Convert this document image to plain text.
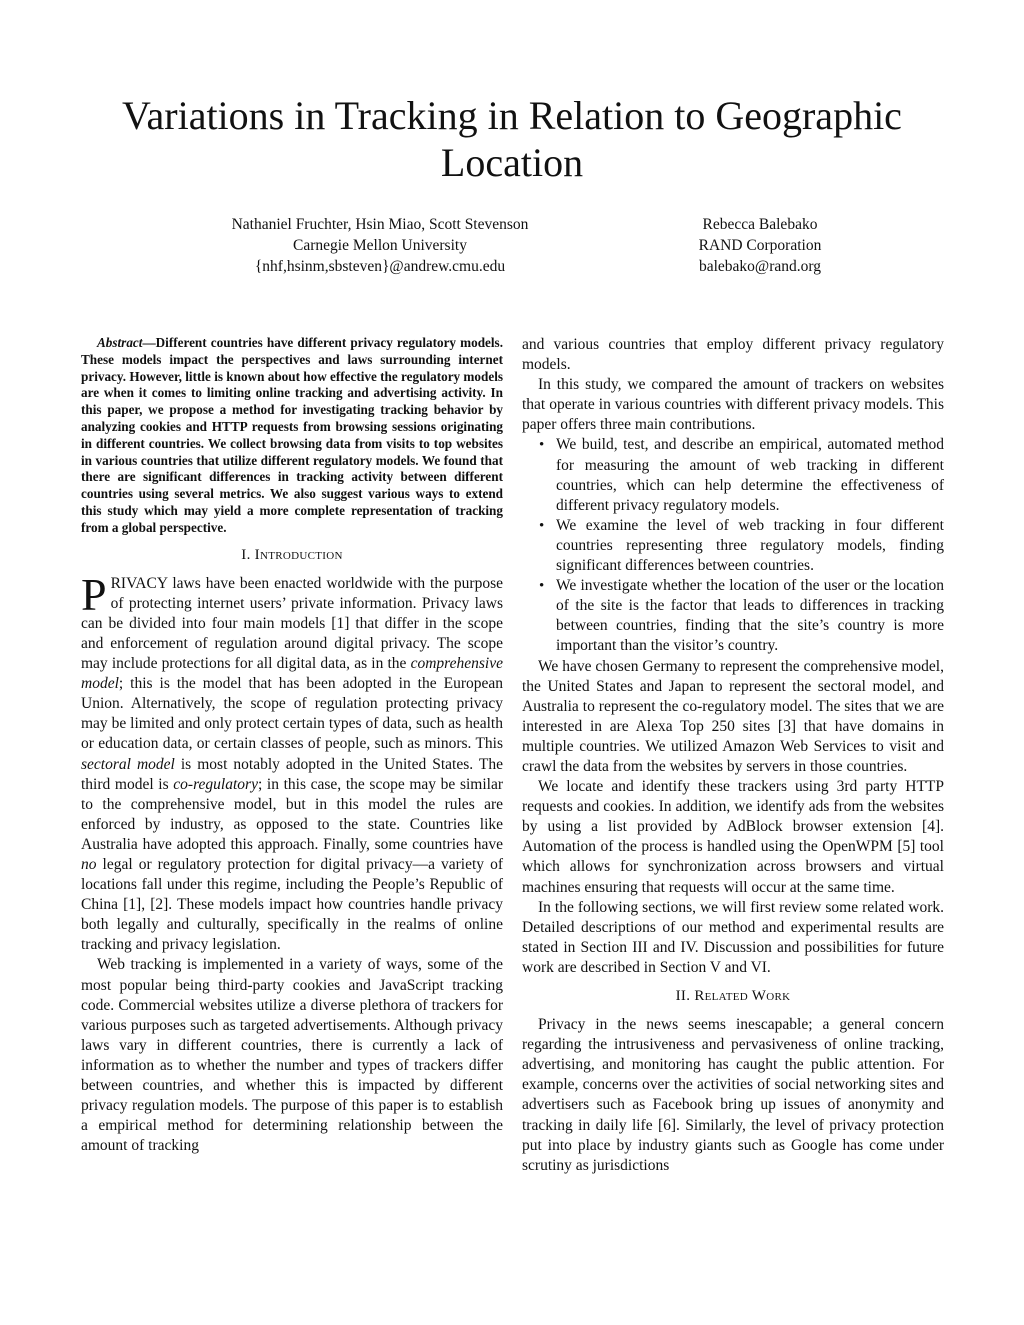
Variations in Tracking in Relation to Geographic Location
Nathaniel Fruchter, Hsin Miao, Scott Stevenson
Carnegie Mellon University
{nhf,hsinm,sbsteven}@andrew.cmu.edu
Rebecca Balebako
RAND Corporation
balebako@rand.org

Abstract—Different countries have different privacy regulatory models. These models impact the perspectives and laws surrounding internet privacy. However, little is known about how effective the regulatory models are when it comes to limiting online tracking and advertising activity. In this paper, we propose a method for investigating tracking behavior by analyzing cookies and HTTP requests from browsing sessions originating in different countries. We collect browsing data from visits to top websites in various countries that utilize different regulatory models. We found that there are significant differences in tracking activity between different countries using several metrics. We also suggest various ways to extend this study which may yield a more complete representation of tracking from a global perspective.

I. Introduction

PRIVACY laws have been enacted worldwide with the purpose of protecting internet users’ private information. Privacy laws can be divided into four main models [1] that differ in the scope and enforcement of regulation around digital privacy. The scope may include protections for all digital data, as in the comprehensive model; this is the model that has been adopted in the European Union. Alternatively, the scope of regulation protecting privacy may be limited and only protect certain types of data, such as health or education data, or certain classes of people, such as minors. This sectoral model is most notably adopted in the United States. The third model is co-regulatory; in this case, the scope may be similar to the comprehensive model, but in this model the rules are enforced by industry, as opposed to the state. Countries like Australia have adopted this approach. Finally, some countries have no legal or regulatory protection for digital privacy—a variety of locations fall under this regime, including the People’s Republic of China [1], [2]. These models impact how countries handle privacy both legally and culturally, specifically in the realms of online tracking and privacy legislation.

Web tracking is implemented in a variety of ways, some of the most popular being third-party cookies and JavaScript tracking code. Commercial websites utilize a diverse plethora of trackers for various purposes such as targeted advertisements. Although privacy laws vary in different countries, there is currently a lack of information as to whether the number and types of trackers differ between countries, and whether this is impacted by different privacy regulation models. The purpose of this paper is to establish a empirical method for determining relationship between the amount of tracking

and various countries that employ different privacy regulatory models.

In this study, we compared the amount of trackers on websites that operate in various countries with different privacy models. This paper offers three main contributions.

• We build, test, and describe an empirical, automated method for measuring the amount of web tracking in different countries, which can help determine the effectiveness of different privacy regulatory models.
• We examine the level of web tracking in four different countries representing three regulatory models, finding significant differences between countries.
• We investigate whether the location of the user or the location of the site is the factor that leads to differences in tracking between countries, finding that the site’s country is more important than the visitor’s country.

We have chosen Germany to represent the comprehensive model, the United States and Japan to represent the sectoral model, and Australia to represent the co-regulatory model. The sites that we are interested in are Alexa Top 250 sites [3] that have domains in multiple countries. We utilized Amazon Web Services to visit and crawl the data from the websites by servers in those countries.

We locate and identify these trackers using 3rd party HTTP requests and cookies. In addition, we identify ads from the websites by using a list provided by AdBlock browser extension [4]. Automation of the process is handled using the OpenWPM [5] tool which allows for synchronization across browsers and virtual machines ensuring that requests will occur at the same time.

In the following sections, we will first review some related work. Detailed descriptions of our method and experimental results are stated in Section III and IV. Discussion and possibilities for future work are described in Section V and VI.

II. Related Work

Privacy in the news seems inescapable; a general concern regarding the intrusiveness and pervasiveness of online tracking, advertising, and monitoring has caught the public attention. For example, concerns over the activities of social networking sites and advertisers such as Facebook bring up issues of anonymity and tracking in daily life [6]. Similarly, the level of privacy protection put into place by industry giants such as Google has come under scrutiny as jurisdictions
